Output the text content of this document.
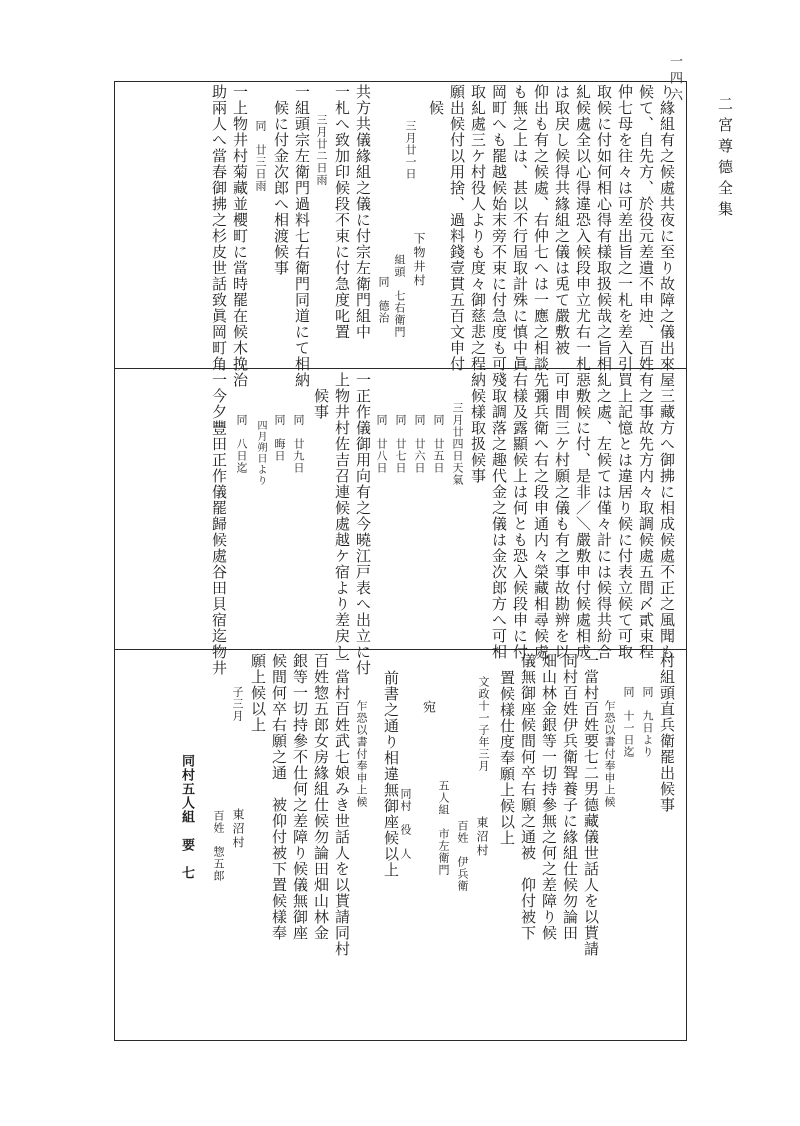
二宮尊德全集
一四六
り緣組有之候處共夜に至り故障之儀出來
候て、自先方、於役元差遺不申迚、百姓
仲七母を往々は可差出旨之一札を差入引
取候に付如何相心得有樣取扱候哉之旨相
糺候處全以心得違恐入候段申立尤右一札
は取戻し候得共緣組之儀は兎て嚴敷被
仰出も有之候處、右仲七へは一應之相談
も無之上は、甚以不行屆取計殊に慎中眞
岡町へも罷越候始末旁不束に付急度も可
取糺處三ケ村役人よりも度々御慈悲之程
願出候付以用捨、過料錢壹貫五百文申付
候
三月廿一日
下物井村
組頭　七右衛門
同　德治
共方共儀緣組之儀に付宗左衛門組中
一札へ致加印候段不束に付急度叱置
三月廿二日雨
一組頭宗左衛門過料七右衛門同道にて相納
候に付金次郎へ相渡候事
同　廿三日雨
一上物井村菊藏並櫻町に當時罷在候木挽治
助兩人へ當春御拂之杉皮世話致眞岡町角
屋三藏方へ御拂に相成候處不正之風聞も
有之事故先方内々取調候處五間〆貳束程
買上記憶とは違居り候に付表立候て可取
糺之處、左候ては僅々計には候得共紛合
惡敷候に付、是非／＼嚴敷申付候處相成
可申間三ケ村願之儀も有之事故勘辨を以
先彌兵衛へ右之段申通内々榮藏相尋候處
右樣及露顯候上は何とも恐入候段申に付
殘取調落之趣代金之儀は金次郎方へ可相
納候樣取扱候事
三月廿四日天氣
同　廿五日
同　廿六日
同　廿七日
同　廿八日
一正作儀御用向有之今曉江戸表へ出立に付
上物井村佐吉召連候處越ケ宿より差戻し
候事
同　廿九日
同　晦日
四月朔日より
同　八日迄
一今夕豐田正作儀罷歸候處谷田貝宿迄物井
村組頭直兵衛罷出候事
同　九日より
同　十一日迄
乍恐以書付奉申上候
一當村百姓要七二男德藏儀世話人を以貰請
同村百姓伊兵衛聟養子に緣組仕候勿論田
畑山林金銀等一切持參無之何之差障り候
儀無御座候間何卒右願之通被　仰付被下
置候樣仕度奉願上候以上
文政十一子年三月
東沼村
百姓　伊兵衛
五人組　市左衛門
宛
同村　役　人
前書之通り相違無御座候以上
乍恐以書付奉申上候
一當村百姓武七娘みき世話人を以貰請同村
百姓惣五郎女房緣組仕候勿論田畑山林金
銀等一切持參不仕何之差障り候儀無御座
候間何卒右願之通　被仰付被下置候樣奉
願上候以上
子三月
東沼村
百姓　惣五郎
同村五人組　要　七
